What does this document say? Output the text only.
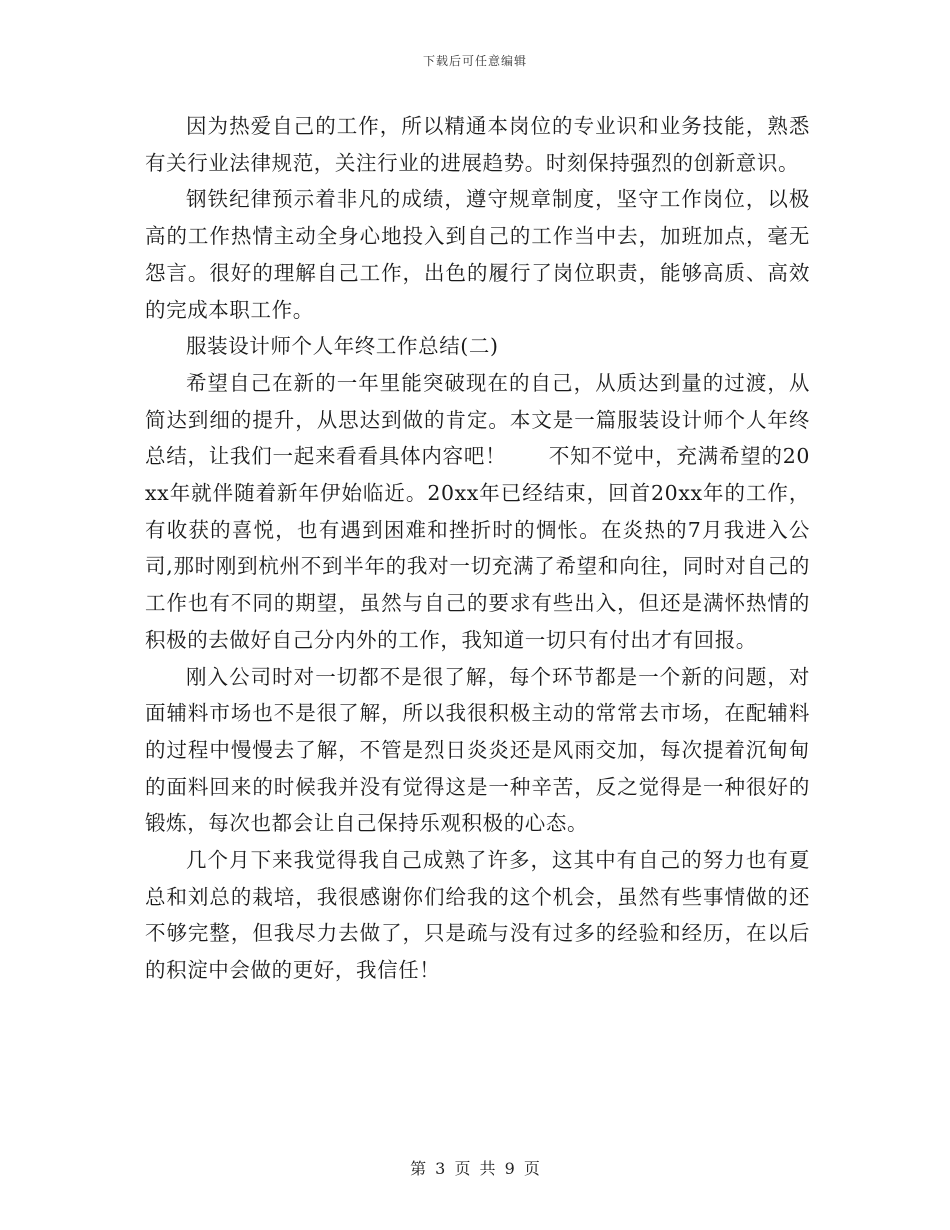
下载后可任意编辑

因为热爱自己的工作，所以精通本岗位的专业识和业务技能，熟悉有关行业法律规范，关注行业的进展趋势。时刻保持强烈的创新意识。

钢铁纪律预示着非凡的成绩，遵守规章制度，坚守工作岗位，以极高的工作热情主动全身心地投入到自己的工作当中去，加班加点，毫无怨言。很好的理解自己工作，出色的履行了岗位职责，能够高质、高效的完成本职工作。

服装设计师个人年终工作总结(二)

希望自己在新的一年里能突破现在的自己，从质达到量的过渡，从简达到细的提升，从思达到做的肯定。本文是一篇服装设计师个人年终总结，让我们一起来看看具体内容吧！　　不知不觉中，充满希望的20xx年就伴随着新年伊始临近。20xx年已经结束，回首20xx年的工作，有收获的喜悦，也有遇到困难和挫折时的惆怅。在炎热的7月我进入公司,那时刚到杭州不到半年的我对一切充满了希望和向往，同时对自己的工作也有不同的期望，虽然与自己的要求有些出入，但还是满怀热情的积极的去做好自己分内外的工作，我知道一切只有付出才有回报。

刚入公司时对一切都不是很了解，每个环节都是一个新的问题，对面辅料市场也不是很了解，所以我很积极主动的常常去市场，在配辅料的过程中慢慢去了解，不管是烈日炎炎还是风雨交加，每次提着沉甸甸的面料回来的时候我并没有觉得这是一种辛苦，反之觉得是一种很好的锻炼，每次也都会让自己保持乐观积极的心态。

几个月下来我觉得我自己成熟了许多，这其中有自己的努力也有夏总和刘总的栽培，我很感谢你们给我的这个机会，虽然有些事情做的还不够完整，但我尽力去做了，只是疏与没有过多的经验和经历，在以后的积淀中会做的更好，我信任！

第 3 页 共 9 页
